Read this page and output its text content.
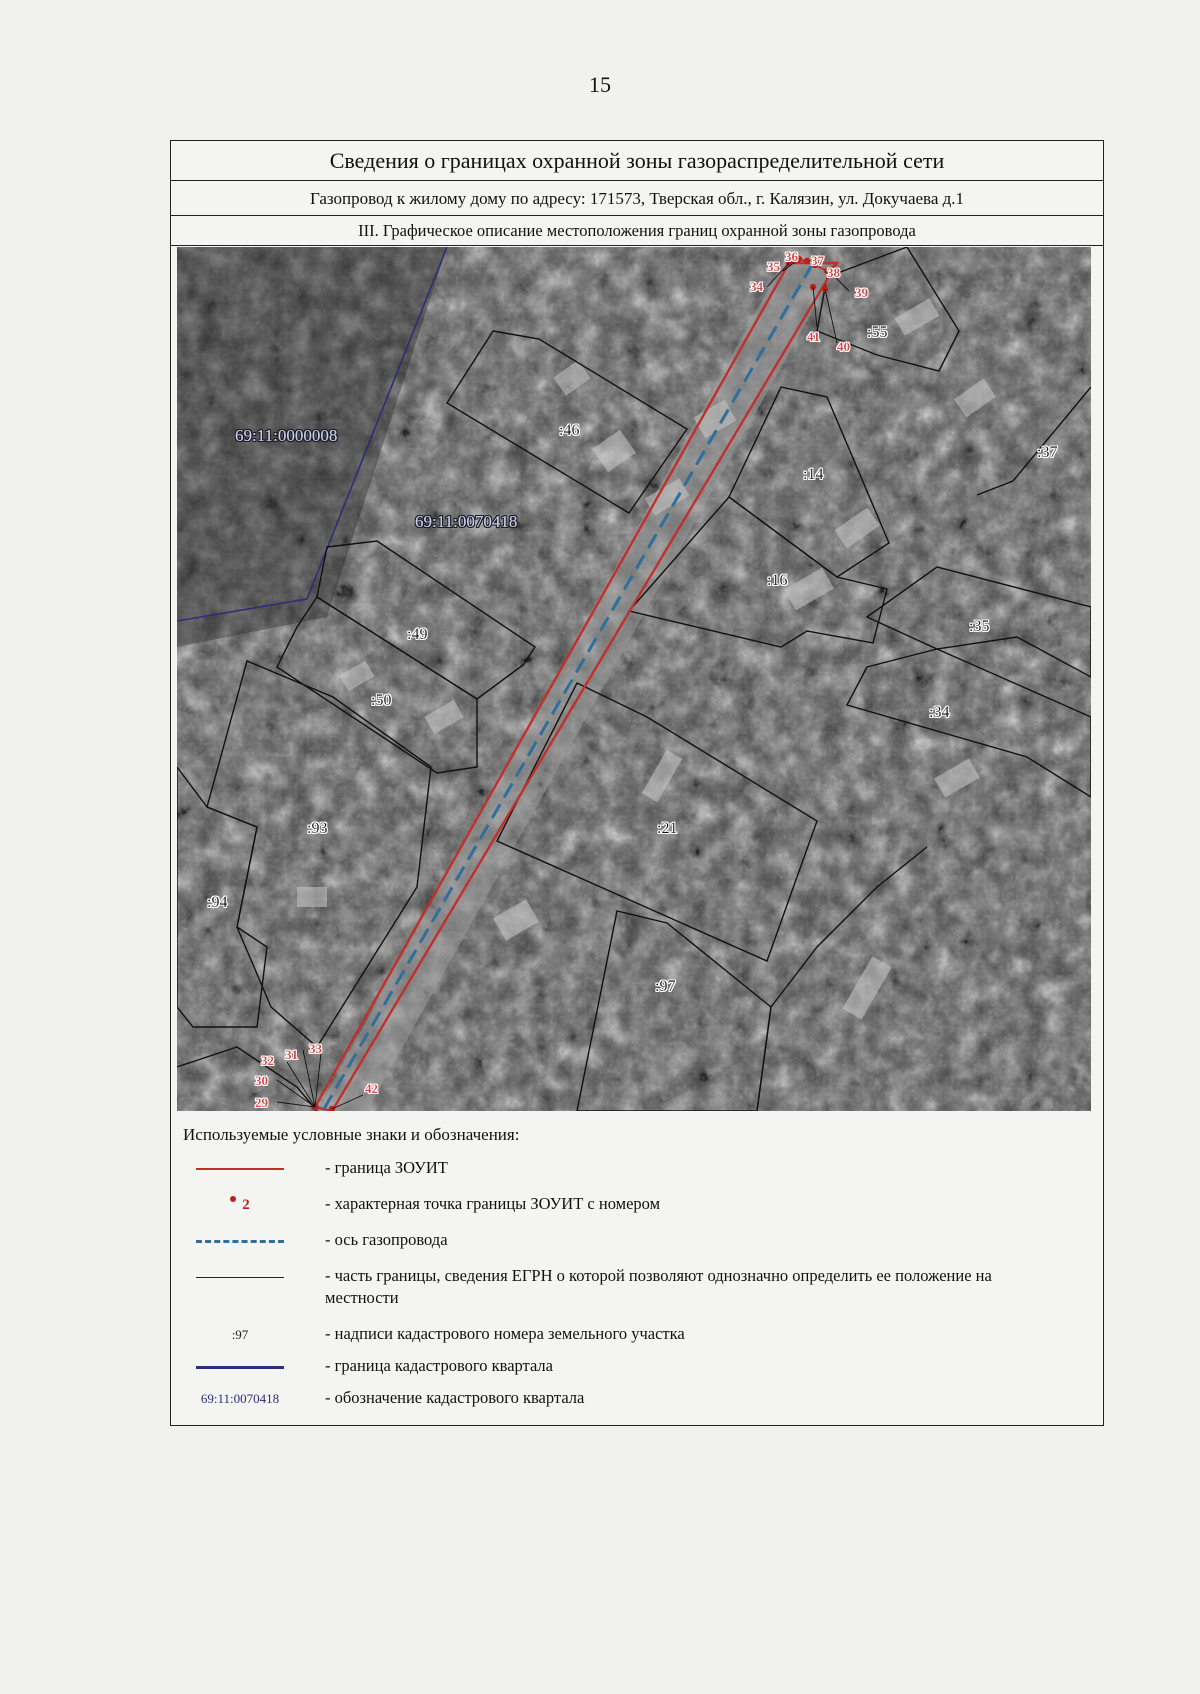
15
Сведения о границах охранной зоны газораспределительной сети
Газопровод к жилому дому по адресу: 171573, Тверская обл., г. Калязин, ул. Докучаева д.1
III. Графическое описание местоположения границ охранной зоны газопровода
69:11:0000008
69:11:0070418
:46
:55
:14
:37
:16
:35
:49
:50
:34
:21
:93
:94
:97
34
35
36 37
38
39
40
41
29
30
31
32
33
42
Используемые условные знаки и обозначения:
- граница ЗОУИТ
2	- характерная точка границы ЗОУИТ с номером
- ось газопровода
- часть границы, сведения ЕГРН о которой позволяют однозначно определить ее положение на местности
:97	- надписи кадастрового номера земельного участка
- граница кадастрового квартала
69:11:0070418	- обозначение кадастрового квартала
